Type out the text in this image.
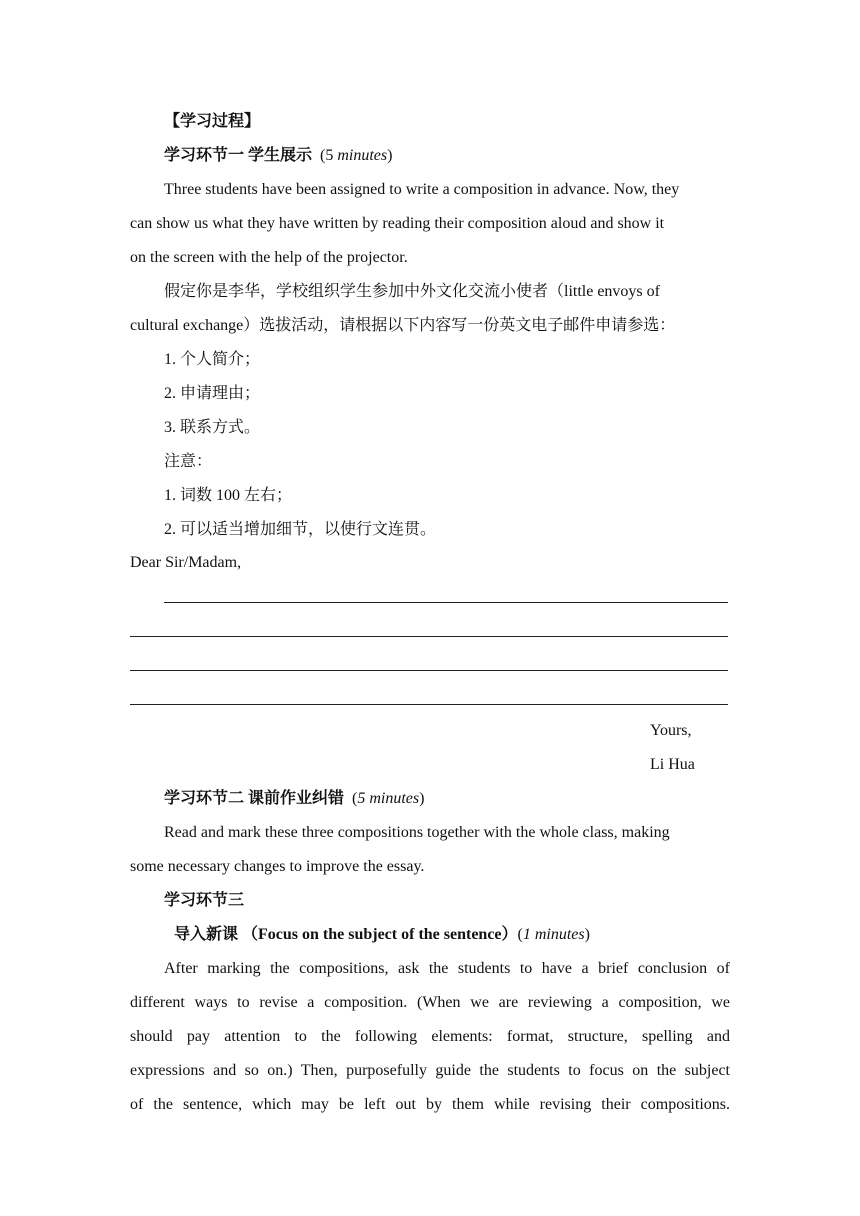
【学习过程】
学习环节一 学生展示 (5 minutes)
Three students have been assigned to write a composition in advance. Now, they
can show us what they have written by reading their composition aloud and show it
on the screen with the help of the projector.
假定你是李华，学校组织学生参加中外文化交流小使者（little envoys of
cultural exchange）选拔活动，请根据以下内容写一份英文电子邮件申请参选：
1. 个人简介；
2. 申请理由；
3. 联系方式。
注意：
1. 词数 100 左右；
2. 可以适当增加细节，以使行文连贯。
Dear Sir/Madam,
Yours,
Li Hua
学习环节二 课前作业纠错 (5 minutes)
Read and mark these three compositions together with the whole class, making
some necessary changes to improve the essay.
学习环节三
导入新课 （Focus on the subject of the sentence）(1 minutes)
After marking the compositions, ask the students to have a brief conclusion of
different ways to revise a composition. (When we are reviewing a composition, we
should pay attention to the following elements: format, structure, spelling and
expressions and so on.) Then, purposefully guide the students to focus on the subject
of the sentence, which may be left out by them while revising their compositions.
